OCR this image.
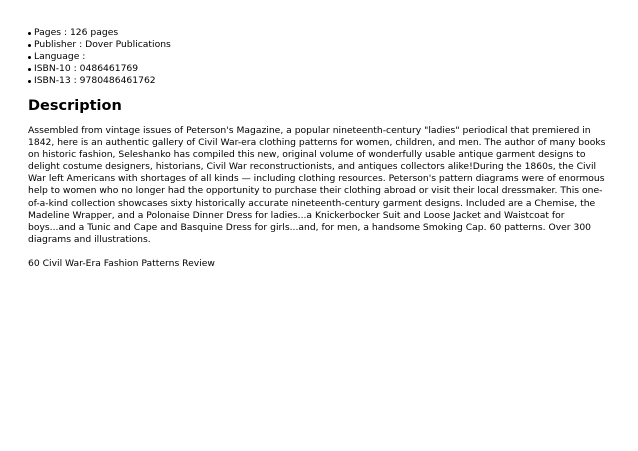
Pages : 126 pages
Publisher : Dover Publications
Language :
ISBN-10 : 0486461769
ISBN-13 : 9780486461762
Description

Assembled from vintage issues of Peterson's Magazine, a popular nineteenth-century "ladies" periodical that premiered in 1842, here is an authentic gallery of Civil War-era clothing patterns for women, children, and men. The author of many books on historic fashion, Seleshanko has compiled this new, original volume of wonderfully usable antique garment designs to delight costume designers, historians, Civil War reconstructionists, and antiques collectors alike!During the 1860s, the Civil War left Americans with shortages of all kinds — including clothing resources. Peterson's pattern diagrams were of enormous help to women who no longer had the opportunity to purchase their clothing abroad or visit their local dressmaker. This one-of-a-kind collection showcases sixty historically accurate nineteenth-century garment designs. Included are a Chemise, the Madeline Wrapper, and a Polonaise Dinner Dress for ladies...a Knickerbocker Suit and Loose Jacket and Waistcoat for boys...and a Tunic and Cape and Basquine Dress for girls...and, for men, a handsome Smoking Cap. 60 patterns. Over 300 diagrams and illustrations.

60 Civil War-Era Fashion Patterns Review
